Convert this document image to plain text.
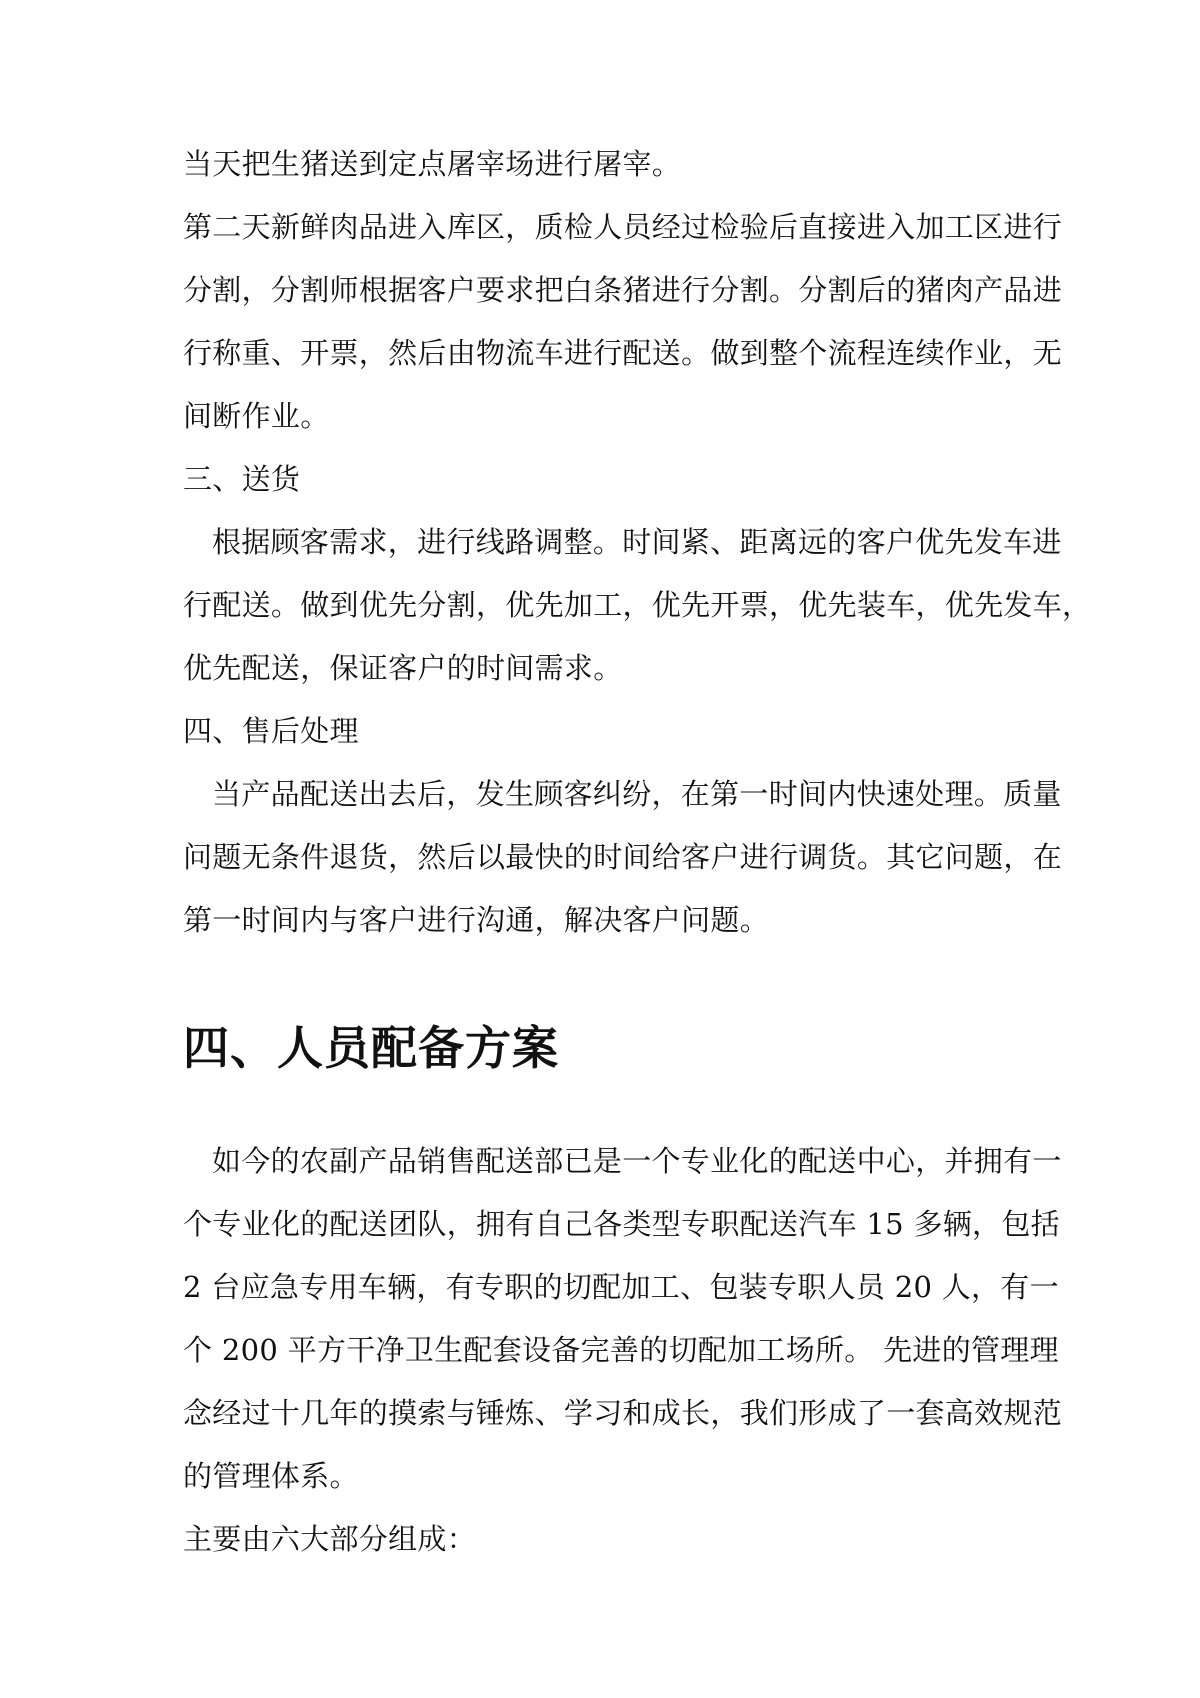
当天把生猪送到定点屠宰场进行屠宰。

第二天新鲜肉品进入库区，质检人员经过检验后直接进入加工区进行

分割，分割师根据客户要求把白条猪进行分割。分割后的猪肉产品进

行称重、开票，然后由物流车进行配送。做到整个流程连续作业，无

间断作业。

三、送货

根据顾客需求，进行线路调整。时间紧、距离远的客户优先发车进

行配送。做到优先分割，优先加工，优先开票，优先装车，优先发车，

优先配送，保证客户的时间需求。

四、售后处理

当产品配送出去后，发生顾客纠纷，在第一时间内快速处理。质量

问题无条件退货，然后以最快的时间给客户进行调货。其它问题，在

第一时间内与客户进行沟通，解决客户问题。

四、人员配备方案

如今的农副产品销售配送部已是一个专业化的配送中心，并拥有一

个专业化的配送团队，拥有自己各类型专职配送汽车 15 多辆，包括

2 台应急专用车辆，有专职的切配加工、包装专职人员 20 人，有一

个 200 平方干净卫生配套设备完善的切配加工场所。 先进的管理理

念经过十几年的摸索与锤炼、学习和成长，我们形成了一套高效规范

的管理体系。

主要由六大部分组成：
